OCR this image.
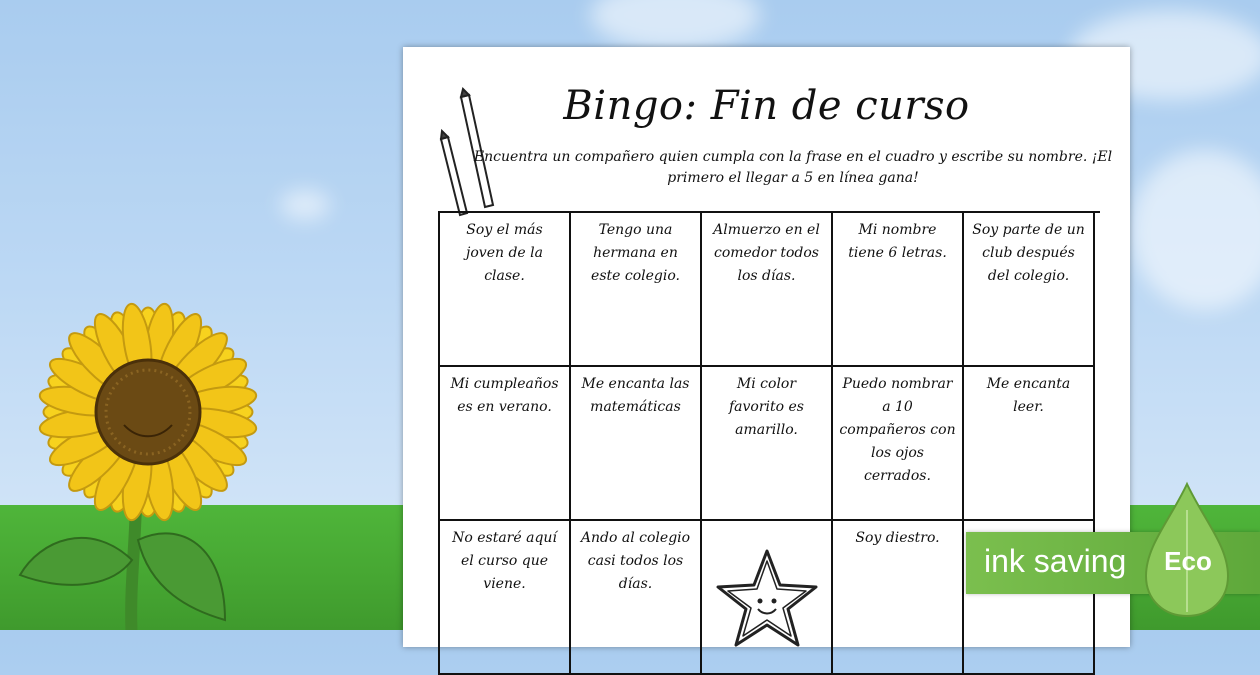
Bingo: Fin de curso
Encuentra un compañero quien cumpla con la frase en el cuadro y escribe su nombre. ¡El primero el llegar a 5 en línea gana!
Soy el más joven de la clase.
Tengo una hermana en este colegio.
Almuerzo en el comedor todos los días.
Mi nombre tiene 6 letras.
Soy parte de un club después del colegio.
Mi cumpleaños es en verano.
Me encanta las matemáticas
Mi color favorito es amarillo.
Puedo nombrar a 10 compañeros con los ojos cerrados.
Me encanta leer.
No estaré aquí el curso que viene.
Ando al colegio casi todos los días.
Soy diestro.
ink saving Eco
